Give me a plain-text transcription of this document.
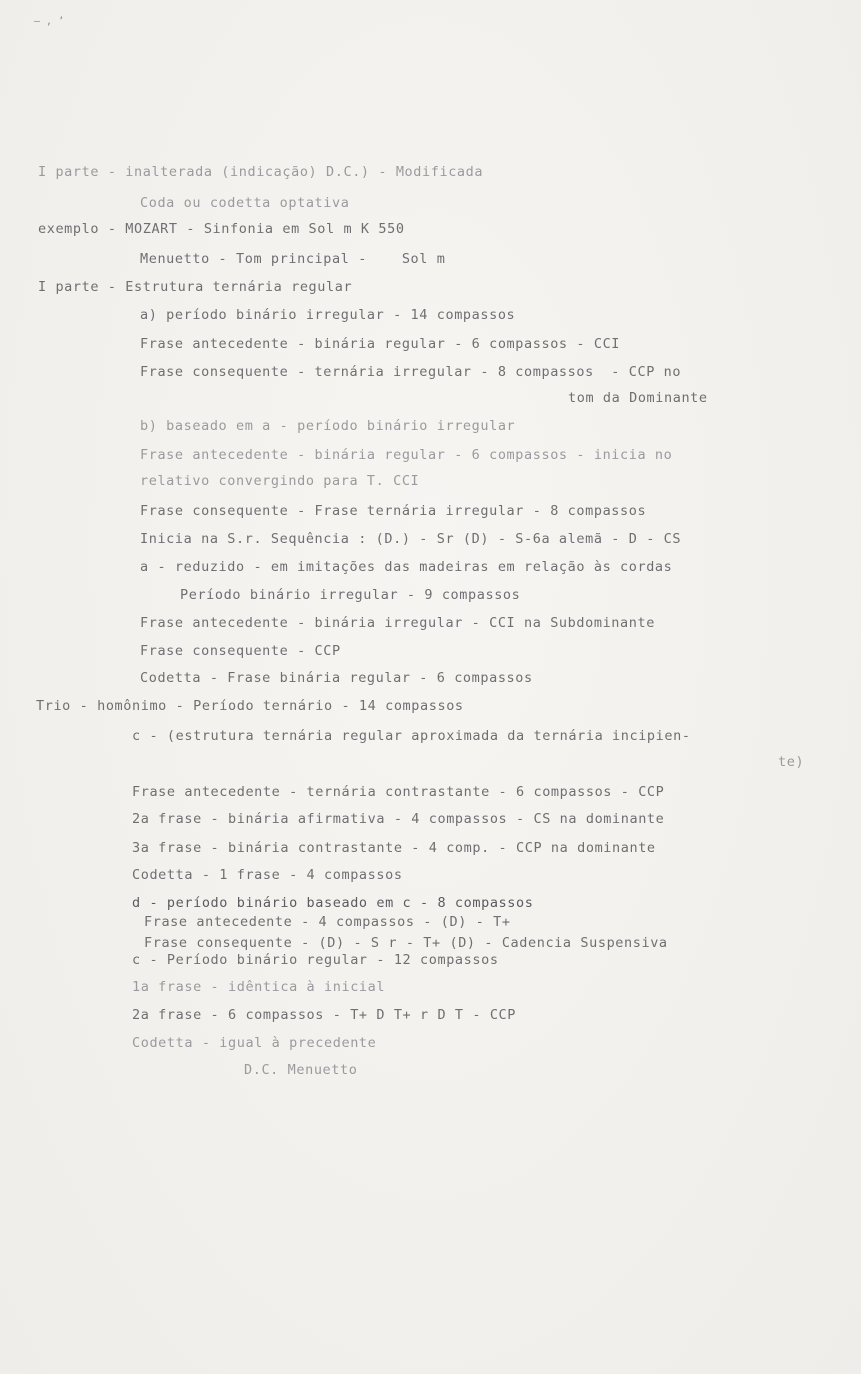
— , ’
I parte - inalterada (indicação) D.C.) - Modificada
Coda ou codetta optativa
exemplo - MOZART - Sinfonia em Sol m K 550
Menuetto - Tom principal -    Sol m
I parte - Estrutura ternária regular
a) período binário irregular - 14 compassos
Frase antecedente - binária regular - 6 compassos - CCI
Frase consequente - ternária irregular - 8 compassos  - CCP no
tom da Dominante
b) baseado em a - período binário irregular
Frase antecedente - binária regular - 6 compassos - inicia no
relativo convergindo para T. CCI
Frase consequente - Frase ternária irregular - 8 compassos
Inicia na S.r. Sequência : (D.) - Sr (D) - S-6a alemã - D - CS
a - reduzido - em imitações das madeiras em relação às cordas
Período binário irregular - 9 compassos
Frase antecedente - binária irregular - CCI na Subdominante
Frase consequente - CCP
Codetta - Frase binária regular - 6 compassos
Trio - homônimo - Período ternário - 14 compassos
c - (estrutura ternária regular aproximada da ternária incipien-
te)
Frase antecedente - ternária contrastante - 6 compassos - CCP
2a frase - binária afirmativa - 4 compassos - CS na dominante
3a frase - binária contrastante - 4 comp. - CCP na dominante
Codetta - 1 frase - 4 compassos
d - período binário baseado em c - 8 compassos
Frase antecedente - 4 compassos - (D) - T+
Frase consequente - (D) - S r - T+ (D) - Cadencia Suspensiva
c - Período binário regular - 12 compassos
1a frase - idêntica à inicial
2a frase - 6 compassos - T+ D T+ r D T - CCP
Codetta - igual à precedente
D.C. Menuetto
